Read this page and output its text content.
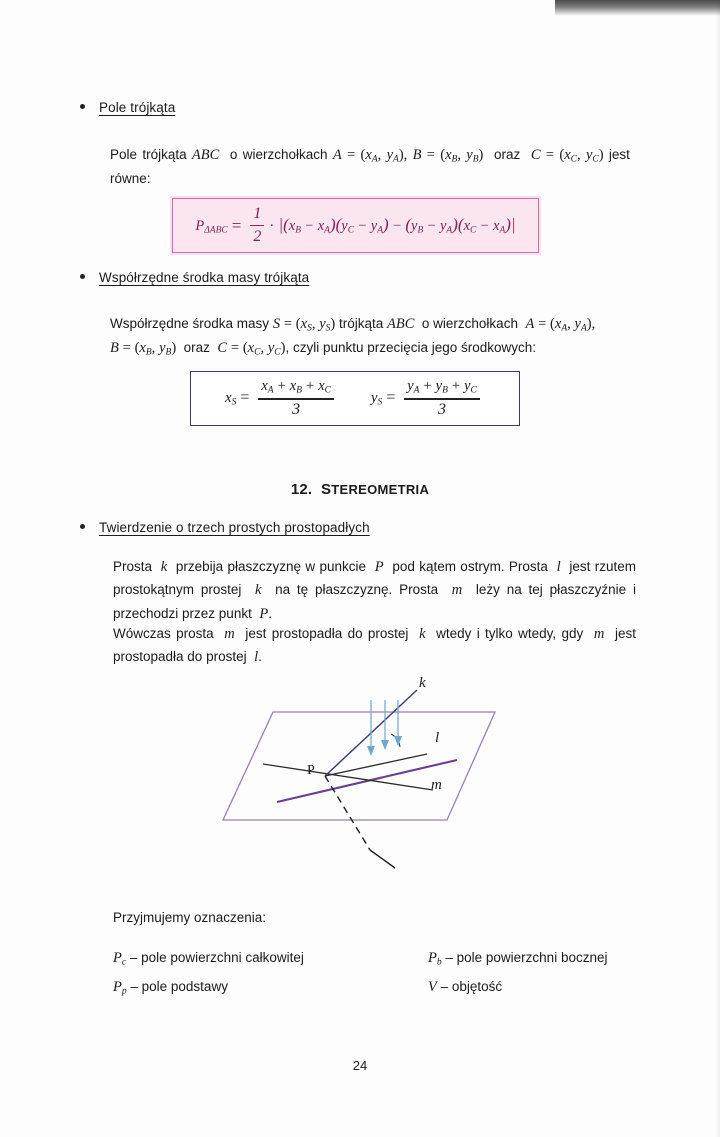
Pole trójkąta
Pole trójkąta ABC  o wierzchołkach $A = (x_A$, $y_A$), $B = (x_B$, $y_B$)  oraz  $C = (x_C$, $y_C$) jest równe:
$P_{\Delta ABC} = \frac{1}{2} \cdot |(x_B - x_A)(y_C - y_A) - (y_B - y_A)(x_C - x_A)|$
Współrzędne środka masy trójkąta
Współrzędne środka masy $S = (x_S$, $y_S$) trójkąta ABC  o wierzchołkach  $A = (x_A$, $y_A$),
$B = (x_B$, $y_B$)  oraz  $C = (x_C$, $y_C$), czyli punktu przecięcia jego środkowych:
$x_S = \frac{x_A + x_B + x_C}{3}$	$y_S = \frac{y_A + y_B + y_C}{3}$
12. STEREOMETRIA
Twierdzenie o trzech prostych prostopadłych
Prosta  k  przebija płaszczyznę w punkcie  P  pod kątem ostrym. Prosta  l  jest rzutem prostokątnym prostej  k  na tę płaszczyznę. Prosta  m  leży na tej płaszczyźnie i przechodzi przez punkt  P.
Wówczas prosta  m  jest prostopadła do prostej  k  wtedy i tylko wtedy, gdy  m  jest prostopadła do prostej  l.
k
l
m
P
Przyjmujemy oznaczenia:
$P_c$ – pole powierzchni całkowitej	$P_b$ – pole powierzchni bocznej
$P_p$ – pole podstawy	V – objętość
24
